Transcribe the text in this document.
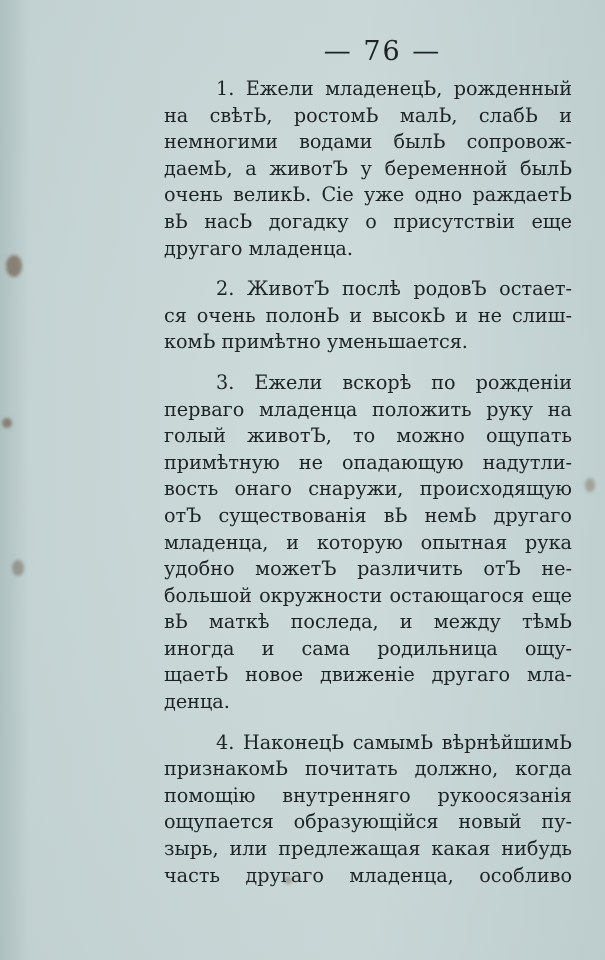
— 76 —
1. Ежели младенецЬ, рожденный
на свѣтЬ, ростомЬ малЬ, слабЬ и
немногими водами былЬ сопровож-
даемЬ, а животЪ у беременной былЬ
очень великЬ. Сіе уже одно раждаетЬ
вЬ насЬ догадку о присутствіи еще
другаго младенца.
2. ЖивотЪ послѣ родовЪ остает-
ся очень полонЬ и высокЬ и не слиш-
комЬ примѣтно уменьшается.
3. Ежели вскорѣ по рожденіи
перваго младенца положить руку на
голый животЪ, то можно ощупать
примѣтную не опадающую надутли-
вость онаго снаружи, происходящую
отЪ существованія вЬ немЬ другаго
младенца, и которую опытная рука
удобно можетЪ различить отЪ не-
большой окружности остающагося еще
вЬ маткѣ последа, и между тѣмЬ
иногда и сама родильница ощу-
щаетЬ новое движеніе другаго мла-
денца.
4. НаконецЬ самымЬ вѣрнѣйшимЬ
признакомЬ почитать должно, когда
помощію внутренняго рукоосязанія
ощупается образующійся новый пу-
зырь, или предлежащая какая нибудь
часть другаго младенца, особливо
